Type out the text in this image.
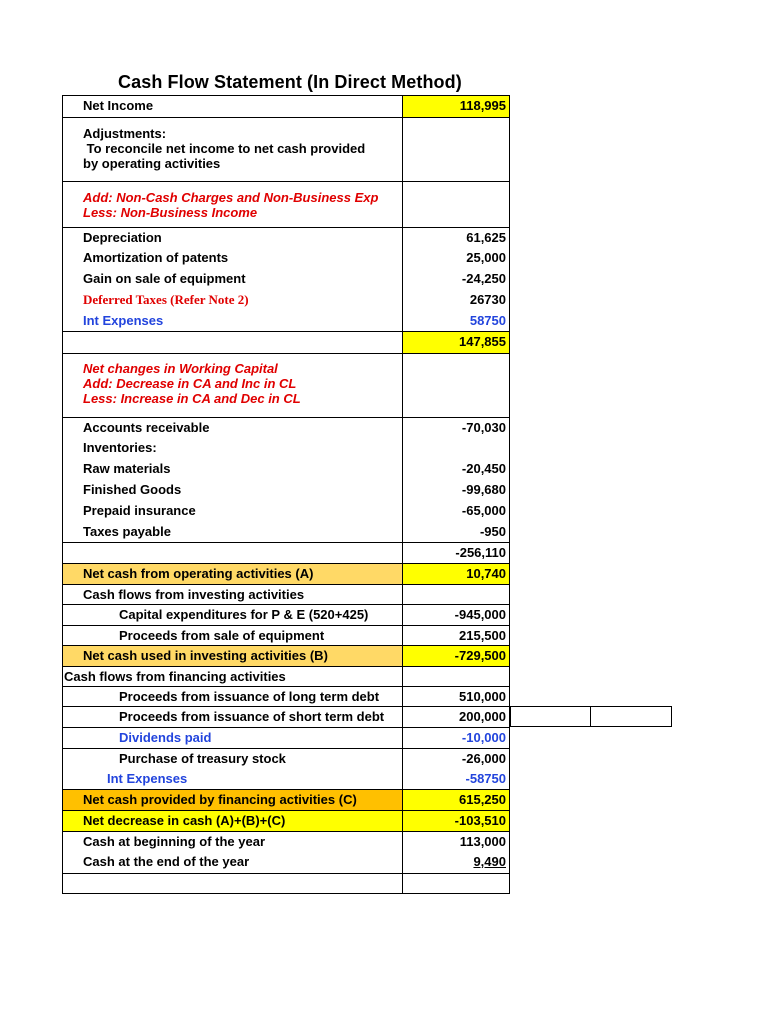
Cash Flow Statement (In Direct Method)
Net Income	118,995
Adjustments:
To reconcile net income to net cash provided
by operating activities
Add: Non-Cash Charges and Non-Business Exp
Less: Non-Business Income
Depreciation	61,625
Amortization of patents	25,000
Gain on sale of equipment	-24,250
Deferred Taxes (Refer Note 2)	26730
Int Expenses	58750
147,855
Net changes in Working Capital
Add: Decrease in CA and Inc in CL
Less: Increase in CA and Dec in CL
Accounts receivable	-70,030
Inventories:
Raw materials	-20,450
Finished Goods	-99,680
Prepaid insurance	-65,000
Taxes payable	-950
-256,110
Net cash from operating activities (A)	10,740
Cash flows from investing activities
Capital expenditures for P & E (520+425)	-945,000
Proceeds from sale of equipment	215,500
Net cash used in investing activities (B)	-729,500
Cash flows from financing activities
Proceeds from issuance of long term debt	510,000
Proceeds from issuance of short term debt	200,000
Dividends paid	-10,000
Purchase of treasury stock	-26,000
Int Expenses	-58750
Net cash provided by financing activities (C)	615,250
Net decrease in cash (A)+(B)+(C)	-103,510
Cash at beginning of the year	113,000
Cash at the end of the year	9,490
